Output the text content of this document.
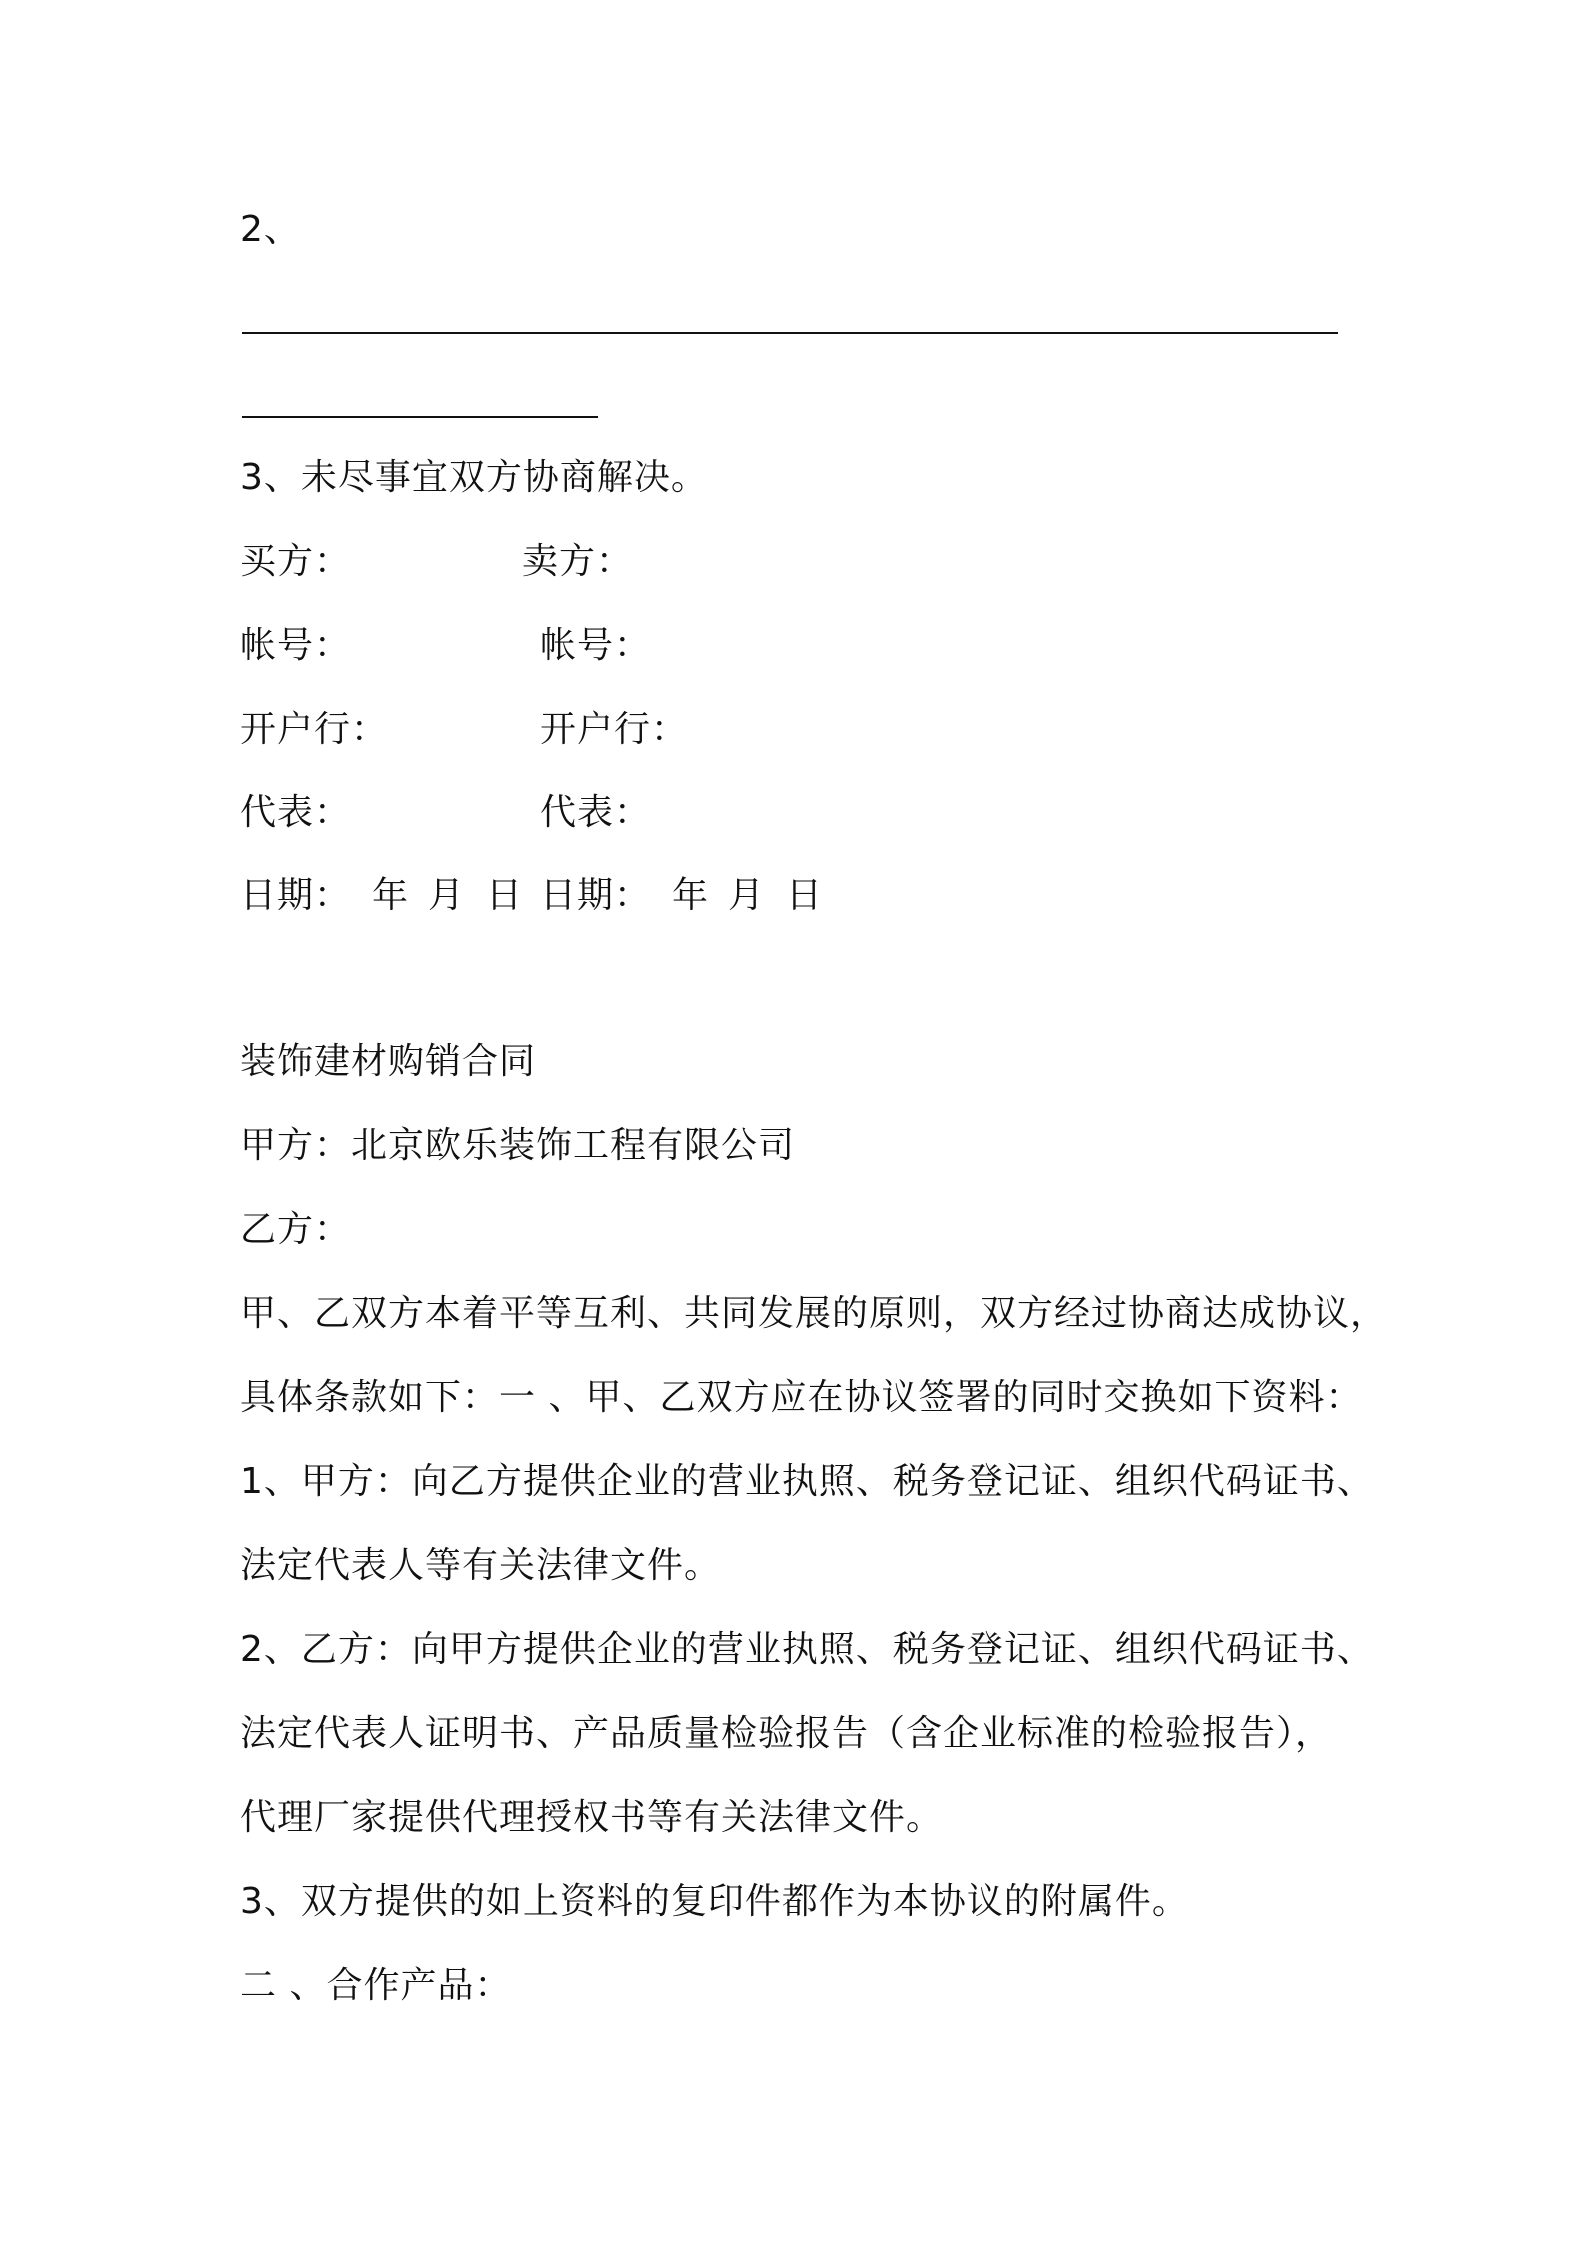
2、
3、未尽事宜双方协商解决。
买方：	卖方：
帐号：	帐号：
开户行：	开户行：
代表：	代表：
日期： 年 月 日 日期： 年 月 日
装饰建材购销合同
甲方：北京欧乐装饰工程有限公司
乙方：
甲、乙双方本着平等互利、共同发展的原则，双方经过协商达成协议，
具体条款如下：一 、甲、乙双方应在协议签署的同时交换如下资料：
1、甲方：向乙方提供企业的营业执照、税务登记证、组织代码证书、
法定代表人等有关法律文件。
2、乙方：向甲方提供企业的营业执照、税务登记证、组织代码证书、
法定代表人证明书、产品质量检验报告（含企业标准的检验报告），
代理厂家提供代理授权书等有关法律文件。
3、双方提供的如上资料的复印件都作为本协议的附属件。
二 、合作产品：
